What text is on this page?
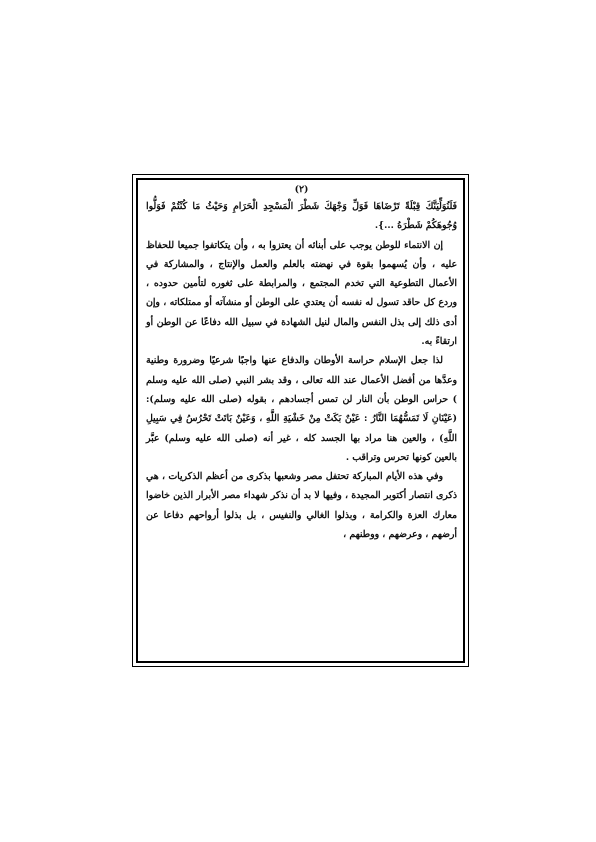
(٢)

فَلَنُوَلِّيَنَّكَ قِبْلَةً تَرْضَاهَا فَوَلِّ وَجْهَكَ شَطْرَ الْمَسْجِدِ الْحَرَامِ وَحَيْثُ مَا كُنْتُمْ فَوَلُّوا وُجُوهَكُمْ شَطْرَهُ ...}.

إن الانتماء للوطن يوجب على أبنائه أن يعتزوا به ، وأن يتكاتفوا جميعا للحفاظ عليه ، وأن يُسهموا بقوة في نهضته بالعلم والعمل والإنتاج ، والمشاركة في الأعمال التطوعية التي تخدم المجتمع ، والمرابطة على ثغوره لتأمين حدوده ، وردع كل حاقد تسول له نفسه أن يعتدي على الوطن أو منشآته أو ممتلكاته ، وإن أدى ذلك إلى بذل النفس والمال لنيل الشهادة في سبيل الله دفاعًا عن الوطن أو ارتقاءً به.

لذا جعل الإسلام حراسة الأوطان والدفاع عنها واجبًا شرعيًا وضرورة وطنية وعدَّها من أفضل الأعمال عند الله تعالى ، وقد بشر النبي (صلى الله عليه وسلم ) حراس الوطن بأن النار لن تمس أجسادهم ، بقوله (صلى الله عليه وسلم): (عَيْنَانِ لَا تَمَسُّهُمَا النَّارُ : عَيْنٌ بَكَتْ مِنْ خَشْيَةِ اللَّهِ ، وَعَيْنٌ بَاتَتْ تَحْرُسُ فِي سَبِيلِ اللَّهِ) ، والعين هنا مراد بها الجسد كله ، غير أنه (صلى الله عليه وسلم) عبَّر بالعين كونها تحرس وتراقب .

وفي هذه الأيام المباركة تحتفل مصر وشعبها بذكرى من أعظم الذكريات ، هي ذكرى انتصار أكتوبر المجيدة ، وفيها لا بد أن نذكر شهداء مصر الأبرار الذين خاضوا معارك العزة والكرامة ، وبذلوا الغالي والنفيس ، بل بذلوا أرواحهم دفاعا عن أرضهم ، وعرضهم ، ووطنهم ،
